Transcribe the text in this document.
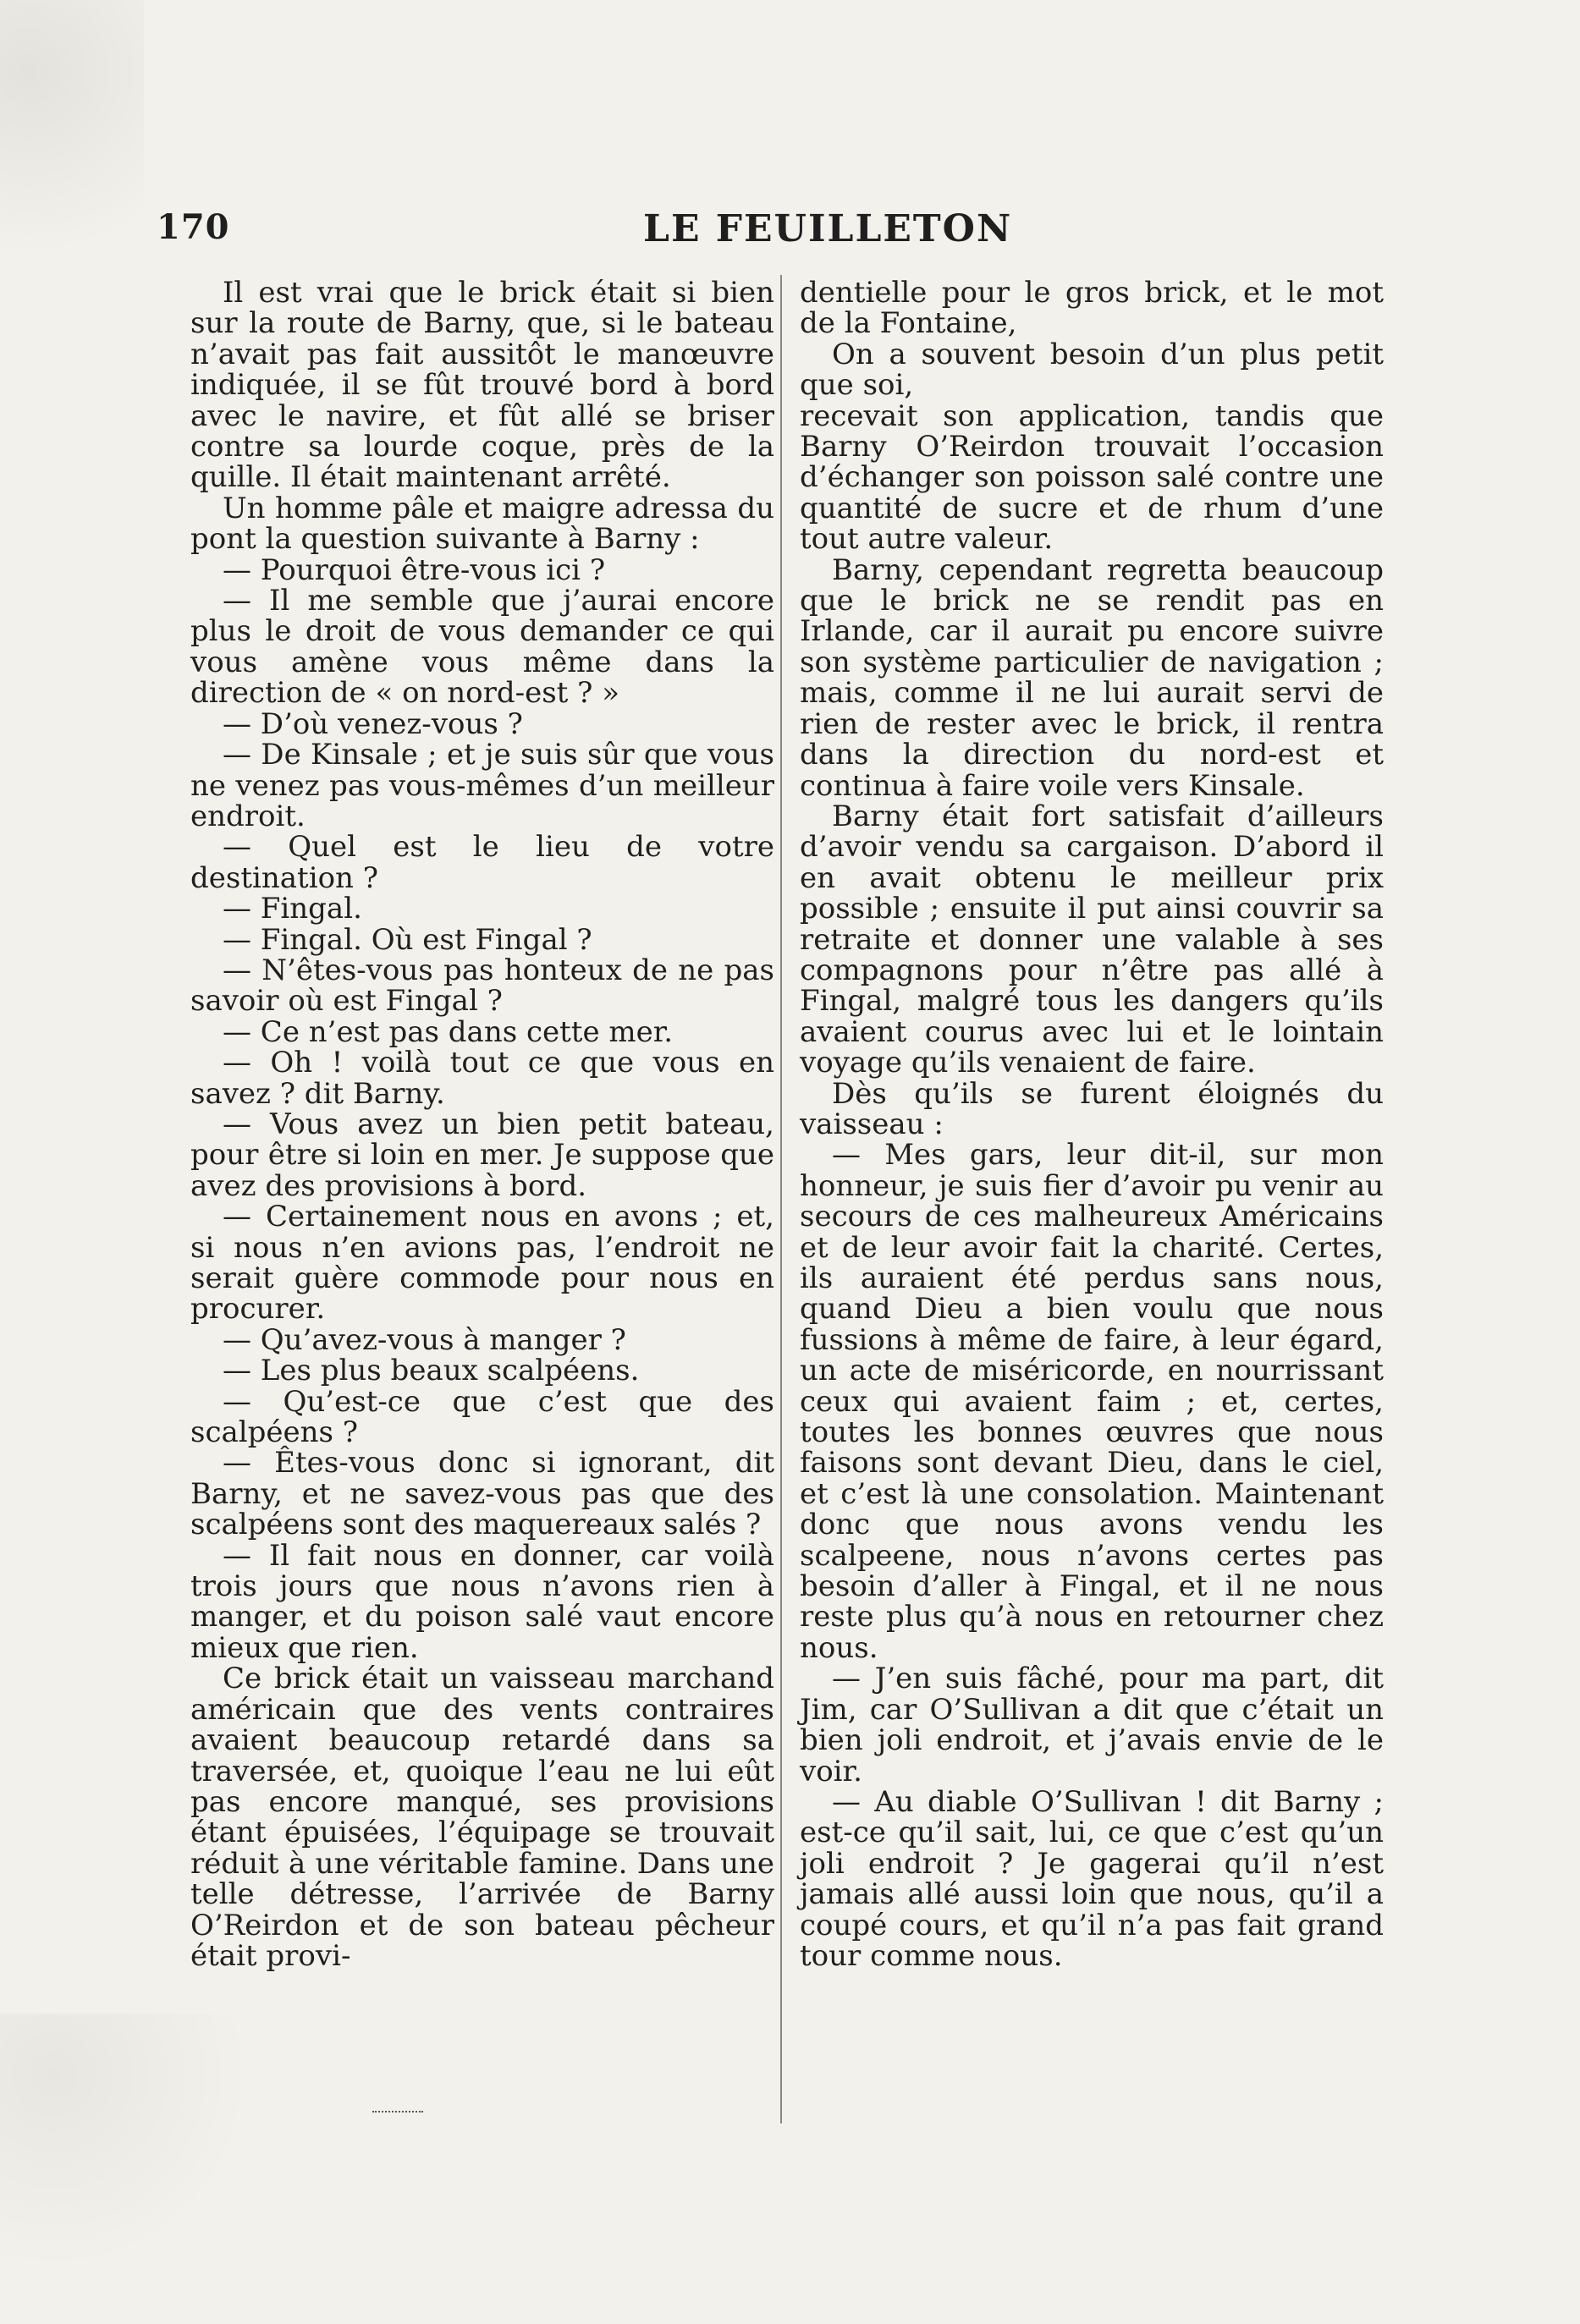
170	LE FEUILLETON

Il est vrai que le brick était si bien sur la route de Barny, que, si le bateau n’avait pas fait aussitôt le manœuvre indiquée, il se fût trouvé bord à bord avec le navire, et fût allé se briser contre sa lourde coque, près de la quille. Il était maintenant arrêté.

Un homme pâle et maigre adressa du pont la question suivante à Barny :

— Pourquoi être-vous ici ?

— Il me semble que j’aurai encore plus le droit de vous demander ce qui vous amène vous même dans la direction de « on nord-est ? »

— D’où venez-vous ?

— De Kinsale ; et je suis sûr que vous ne venez pas vous-mêmes d’un meilleur endroit.

— Quel est le lieu de votre destination ?

— Fingal.

— Fingal. Où est Fingal ?

— N’êtes-vous pas honteux de ne pas savoir où est Fingal ?

— Ce n’est pas dans cette mer.

— Oh ! voilà tout ce que vous en savez ? dit Barny.

— Vous avez un bien petit bateau, pour être si loin en mer. Je suppose que avez des provisions à bord.

— Certainement nous en avons ; et, si nous n’en avions pas, l’endroit ne serait guère commode pour nous en procurer.

— Qu’avez-vous à manger ?

— Les plus beaux scalpéens.

— Qu’est-ce que c’est que des scalpéens ?

— Êtes-vous donc si ignorant, dit Barny, et ne savez-vous pas que des scalpéens sont des maquereaux salés ?

— Il fait nous en donner, car voilà trois jours que nous n’avons rien à manger, et du poison salé vaut encore mieux que rien.

Ce brick était un vaisseau marchand américain que des vents contraires avaient beaucoup retardé dans sa traversée, et, quoique l’eau ne lui eût pas encore manqué, ses provisions étant épuisées, l’équipage se trouvait réduit à une véritable famine. Dans une telle détresse, l’arrivée de Barny O’Reirdon et de son bateau pêcheur était provi-

dentielle pour le gros brick, et le mot de la Fontaine,

On a souvent besoin d’un plus petit que soi,

recevait son application, tandis que Barny O’Reirdon trouvait l’occasion d’échanger son poisson salé contre une quantité de sucre et de rhum d’une tout autre valeur.

Barny, cependant regretta beaucoup que le brick ne se rendit pas en Irlande, car il aurait pu encore suivre son système particulier de navigation ; mais, comme il ne lui aurait servi de rien de rester avec le brick, il rentra dans la direction du nord-est et continua à faire voile vers Kinsale.

Barny était fort satisfait d’ailleurs d’avoir vendu sa cargaison. D’abord il en avait obtenu le meilleur prix possible ; ensuite il put ainsi couvrir sa retraite et donner une valable à ses compagnons pour n’être pas allé à Fingal, malgré tous les dangers qu’ils avaient courus avec lui et le lointain voyage qu’ils venaient de faire.

Dès qu’ils se furent éloignés du vaisseau :

— Mes gars, leur dit-il, sur mon honneur, je suis fier d’avoir pu venir au secours de ces malheureux Américains et de leur avoir fait la charité. Certes, ils auraient été perdus sans nous, quand Dieu a bien voulu que nous fussions à même de faire, à leur égard, un acte de miséricorde, en nourrissant ceux qui avaient faim ; et, certes, toutes les bonnes œuvres que nous faisons sont devant Dieu, dans le ciel, et c’est là une consolation. Maintenant donc que nous avons vendu les scalpeene, nous n’avons certes pas besoin d’aller à Fingal, et il ne nous reste plus qu’à nous en retourner chez nous.

— J’en suis fâché, pour ma part, dit Jim, car O’Sullivan a dit que c’était un bien joli endroit, et j’avais envie de le voir.

— Au diable O’Sullivan ! dit Barny ; est-ce qu’il sait, lui, ce que c’est qu’un joli endroit ? Je gagerai qu’il n’est jamais allé aussi loin que nous, qu’il a coupé cours, et qu’il n’a pas fait grand tour comme nous.
